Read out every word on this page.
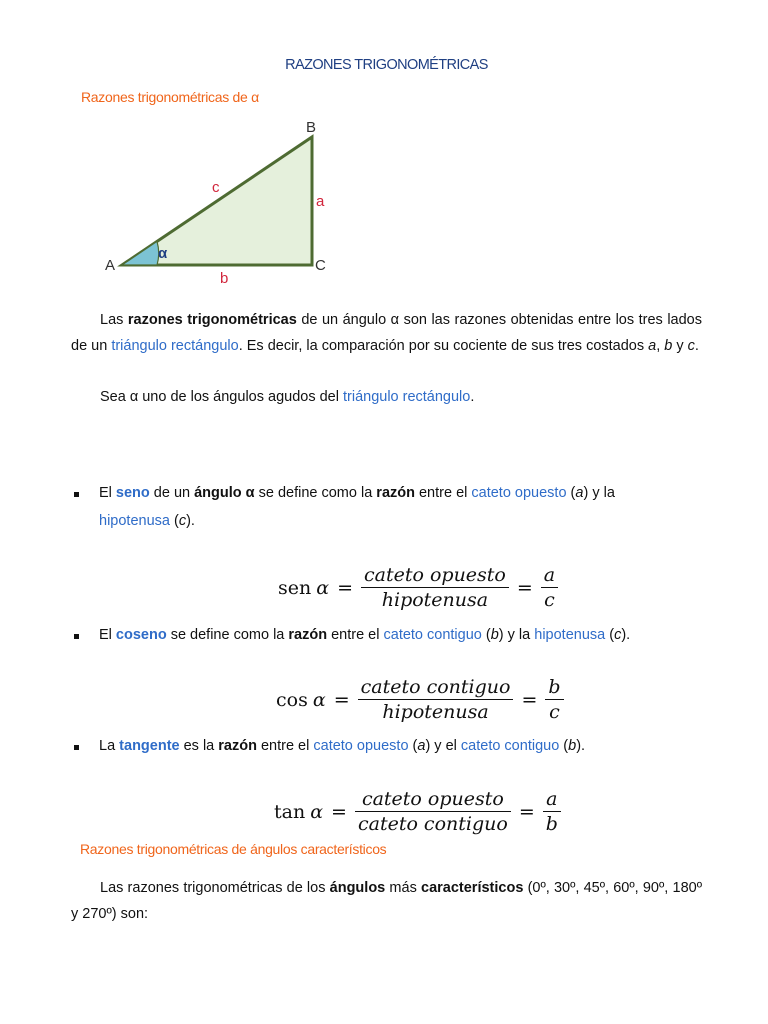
RAZONES TRIGONOMÉTRICAS
Razones trigonométricas de α
A
B
C
a
b
c
α
Las razones trigonométricas de un ángulo α son las razones obtenidas entre los tres lados de un triángulo rectángulo. Es decir, la comparación por su cociente de sus tres costados a, b y c.
Sea α uno de los ángulos agudos del triángulo rectángulo.
El seno de un ángulo α se define como la razón entre el cateto opuesto (a) y la hipotenusa (c).
sen $\alpha = \frac{\text{cateto opuesto}}{\text{hipotenusa}} = \frac{a}{c}$
El coseno se define como la razón entre el cateto contiguo (b) y la hipotenusa (c).
$\cos \alpha = \frac{\text{cateto contiguo}}{\text{hipotenusa}} = \frac{b}{c}$
La tangente es la razón entre el cateto opuesto (a) y el cateto contiguo (b).
$\tan \alpha = \frac{\text{cateto opuesto}}{\text{cateto contiguo}} = \frac{a}{b}$
Razones trigonométricas de ángulos característicos
Las razones trigonométricas de los ángulos más característicos (0º, 30º, 45º, 60º, 90º, 180º y 270º) son:
